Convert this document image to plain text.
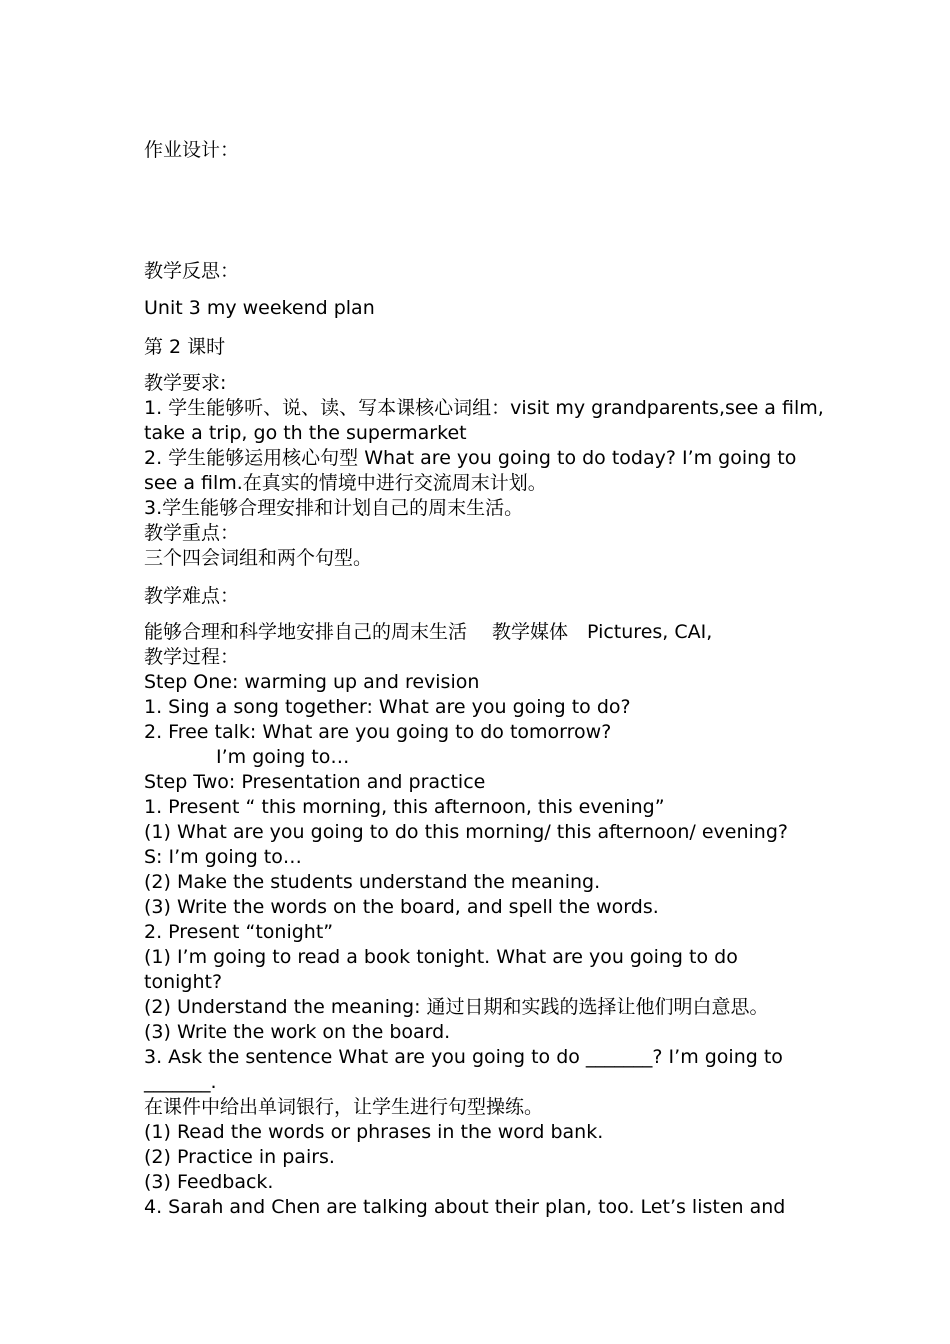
作业设计：
教学反思：
Unit 3 my weekend plan
第 2 课时
教学要求:
1. 学生能够听、说、读、写本课核心词组：visit my grandparents,see a film,
take a trip, go th the supermarket
2. 学生能够运用核心句型 What are you going to do today? I’m going to
see a film.在真实的情境中进行交流周末计划。
3.学生能够合理安排和计划自己的周末生活。
教学重点：
三个四会词组和两个句型。
教学难点：
能够合理和科学地安排自己的周末生活　 教学媒体　Pictures, CAI,
教学过程：
Step One: warming up and revision
1. Sing a song together: What are you going to do?
2. Free talk: What are you going to do tomorrow?
I’m going to…
Step Two: Presentation and practice
1. Present “ this morning, this afternoon, this evening”
(1) What are you going to do this morning/ this afternoon/ evening?
S: I’m going to…
(2) Make the students understand the meaning.
(3) Write the words on the board, and spell the words.
2. Present “tonight”
(1) I’m going to read a book tonight. What are you going to do
tonight?
(2) Understand the meaning: 通过日期和实践的选择让他们明白意思。
(3) Write the work on the board.
3. Ask the sentence What are you going to do _______? I’m going to
_______.
在课件中给出单词银行，让学生进行句型操练。
(1) Read the words or phrases in the word bank.
(2) Practice in pairs.
(3) Feedback.
4. Sarah and Chen are talking about their plan, too. Let’s listen and
